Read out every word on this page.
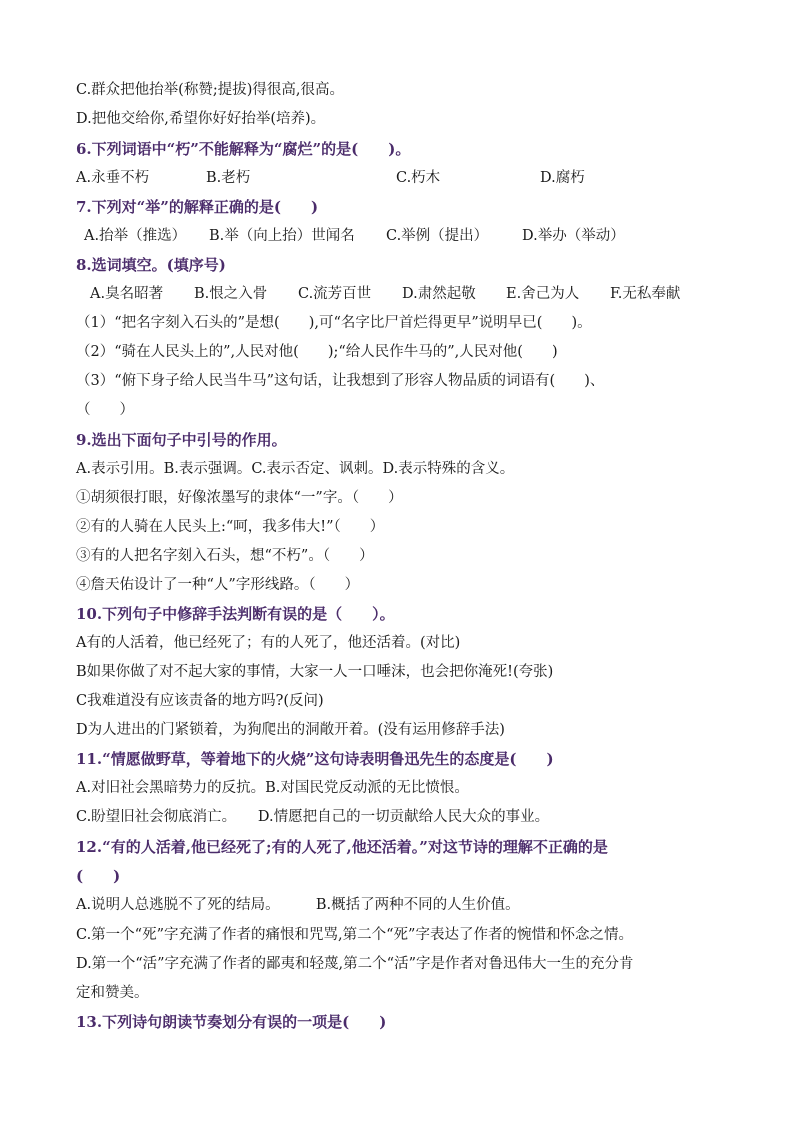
C.群众把他抬举(称赞;提拔)得很高,很高。
D.把他交给你,希望你好好抬举(培养)。
6.下列词语中“朽”不能解释为“腐烂”的是(　　)。
A.永垂不朽	B.老朽	C.朽木	D.腐朽
7.下列对“举”的解释正确的是(　　)
A.抬举（推选）	B.举（向上抬）世闻名	C.举例（提出）	D.举办（举动）
8.选词填空。(填序号)
A.臭名昭著	B.恨之入骨	C.流芳百世	D.肃然起敬	E.舍己为人	F.无私奉献
（1）“把名字刻入石头的”是想(　　),可“名字比尸首烂得更早”说明早已(　　)。
（2）“骑在人民头上的”,人民对他(　　);“给人民作牛马的”,人民对他(　　)
（3）“俯下身子给人民当牛马”这句话，让我想到了形容人物品质的词语有(　　)、
（　　）
9.选出下面句子中引号的作用。
A.表示引用。B.表示强调。C.表示否定、讽刺。D.表示特殊的含义。
①胡须很打眼，好像浓墨写的隶体“一”字。（　　）
②有的人骑在人民头上:“呵，我多伟大!”（　　）
③有的人把名字刻入石头，想“不朽”。（　　）
④詹天佑设计了一种“人”字形线路。（　　）
10.下列句子中修辞手法判断有误的是（　　）。
A有的人活着，他已经死了；有的人死了，他还活着。(对比)
B如果你做了对不起大家的事情，大家一人一口唾沫，也会把你淹死!(夸张)
C我难道没有应该责备的地方吗?(反问)
D为人进出的门紧锁着，为狗爬出的洞敞开着。(没有运用修辞手法)
11.“情愿做野草，等着地下的火烧”这句诗表明鲁迅先生的态度是(　　)
A.对旧社会黑暗势力的反抗。B.对国民党反动派的无比愤恨。
C.盼望旧社会彻底消亡。　　D.情愿把自己的一切贡献给人民大众的事业。
12.“有的人活着,他已经死了;有的人死了,他还活着。”对这节诗的理解不正确的是
(　　)
A.说明人总逃脱不了死的结局。　　　B.概括了两种不同的人生价值。
C.第一个“死”字充满了作者的痛恨和咒骂,第二个“死”字表达了作者的惋惜和怀念之情。
D.第一个“活”字充满了作者的鄙夷和轻蔑,第二个“活”字是作者对鲁迅伟大一生的充分肯
定和赞美。
13.下列诗句朗读节奏划分有误的一项是(　　)
